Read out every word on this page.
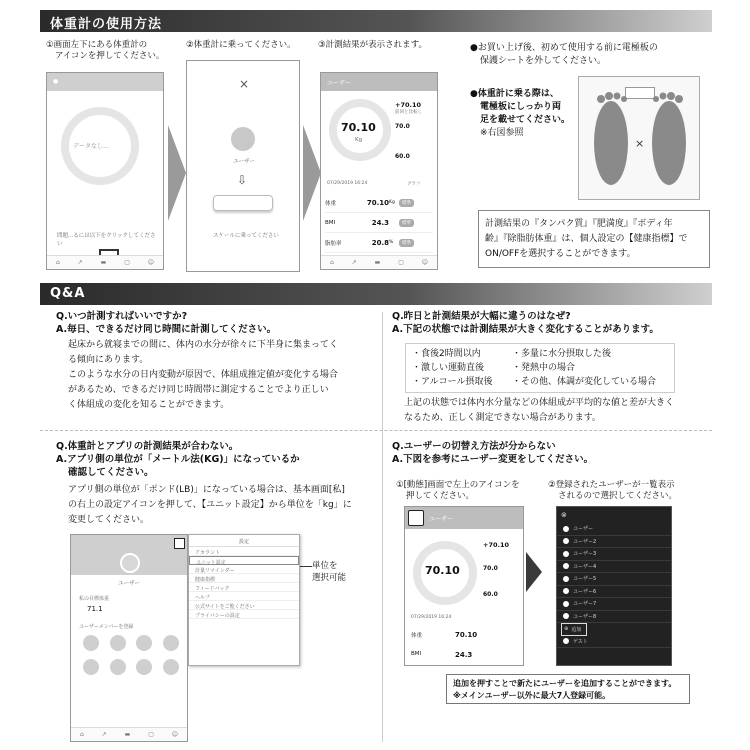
体重計の使用方法
①画面左下にある体重計の
アイコンを押してください。
②体重計に乗ってください。	③計測結果が表示されます。
●
データなし...
問題...るには以下をクリックしてください
⌂	↗	▬	▢	☺
×
ユーザー
⇩
スケールに乗ってください
ユーザー
70.10
Kg
+70.10
前回と比較し
70.0
60.0
07/29/2019 16:24	グラフ
体重	70.10 Kg	標準
BMI	24.3	標準
脂肪率	20.8 %	標準
⌂	↗	▬	▢	☺
●お買い上げ後、初めて使用する前に電極板の
保護シートを外してください。
●体重計に乗る際は、
電極板にしっかり両
足を載せてください。
※右図参照
×
計測結果の『タンパク質』『肥満度』『ボディ年
齢』『除脂肪体重』は、個人設定の【健康指標】で
ON/OFFを選択することができます。
Q&A
Q.いつ計測すればいいですか?
A.毎日、できるだけ同じ時間に計測してください。
起床から就寝までの間に、体内の水分が徐々に下半身に集まってく
る傾向にあります。
このような水分の日内変動が原因で、体組成推定値が変化する場合
があるため、できるだけ同じ時間帯に測定することでより正しい
く体組成の変化を知ることができます。
Q.昨日と計測結果が大幅に違うのはなぜ?
A.下記の状態では計測結果が大きく変化することがあります。
・食後2時間以内
・激しい運動直後
・アルコール摂取後
・多量に水分摂取した後
・発熱中の場合
・その他、体調が変化している場合
上記の状態では体内水分量などの体組成が平均的な値と差が大きく
なるため、正しく測定できない場合があります。
Q.体重計とアプリの計測結果が合わない。
A.アプリ側の単位が「メートル法(KG)」になっているか
確認してください。
アプリ側の単位が「ポンド(LB)」になっている場合は、基本画面[私]
の右上の設定アイコンを押して、【ユニット設定】から単位を「kg」に
変更してください。
ユーザー
私の目標体重
71.1
ユーザーメンバーを登録
⌂	↗	▬	▢	☺
設定
アカウント
ユニット設定
計量リマインダー
健康指標
フィードバック
ヘルプ
公式サイトをご覧ください
プライバシーの設定
単位を
選択可能
Q.ユーザーの切替え方法が分からない
A.下図を参考にユーザー変更をしてください。
①[動態]画面で左上のアイコンを
押してください。
②登録されたユーザーが一覧表示
されるので選択してください。
ユーザー
70.10
+70.10
70.0
60.0
07/29/2019 16:24
体重	70.10
BMI	24.3
⊗
ユーザー
ユーザー2
ユーザー3
ユーザー4
ユーザー5
ユーザー6
ユーザー7
ユーザー8
⊕ 追加
ゲスト
追加を押すことで新たにユーザーを追加することができます。
※メインユーザー以外に最大7人登録可能。
